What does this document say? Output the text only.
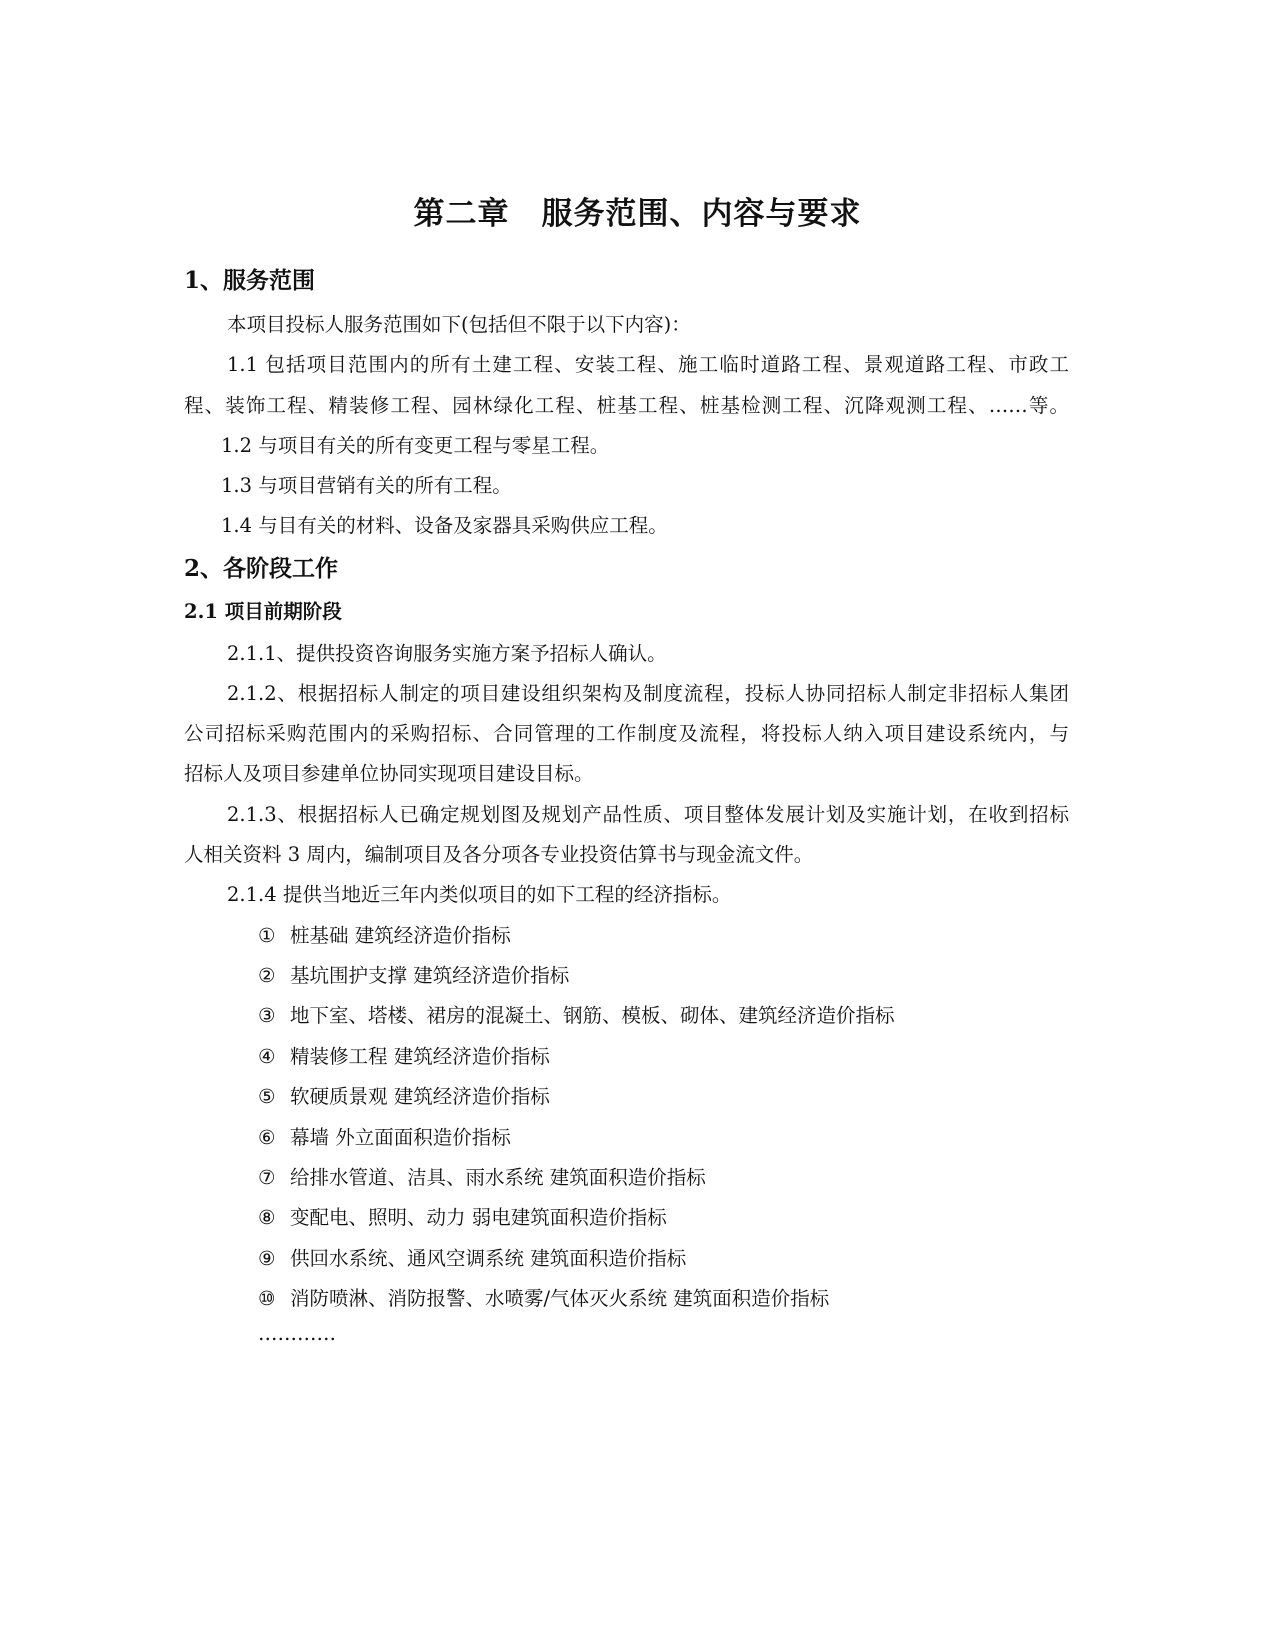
第二章　服务范围、内容与要求
1、服务范围
本项目投标人服务范围如下(包括但不限于以下内容)：
1.1 包括项目范围内的所有土建工程、安装工程、施工临时道路工程、景观道路工程、市政工
程、装饰工程、精装修工程、园林绿化工程、桩基工程、桩基检测工程、沉降观测工程、……等。
1.2 与项目有关的所有变更工程与零星工程。
1.3 与项目营销有关的所有工程。
1.4 与目有关的材料、设备及家器具采购供应工程。
2、各阶段工作
2.1 项目前期阶段
2.1.1、提供投资咨询服务实施方案予招标人确认。
2.1.2、根据招标人制定的项目建设组织架构及制度流程，投标人协同招标人制定非招标人集团
公司招标采购范围内的采购招标、合同管理的工作制度及流程，将投标人纳入项目建设系统内，与
招标人及项目参建单位协同实现项目建设目标。
2.1.3、根据招标人已确定规划图及规划产品性质、项目整体发展计划及实施计划，在收到招标
人相关资料 3 周内，编制项目及各分项各专业投资估算书与现金流文件。
2.1.4 提供当地近三年内类似项目的如下工程的经济指标。
① 桩基础 建筑经济造价指标
② 基坑围护支撑 建筑经济造价指标
③ 地下室、塔楼、裙房的混凝土、钢筋、模板、砌体、建筑经济造价指标
④ 精装修工程 建筑经济造价指标
⑤ 软硬质景观 建筑经济造价指标
⑥ 幕墙 外立面面积造价指标
⑦ 给排水管道、洁具、雨水系统 建筑面积造价指标
⑧ 变配电、照明、动力 弱电建筑面积造价指标
⑨ 供回水系统、通风空调系统 建筑面积造价指标
⑩ 消防喷淋、消防报警、水喷雾/气体灭火系统 建筑面积造价指标
…………
